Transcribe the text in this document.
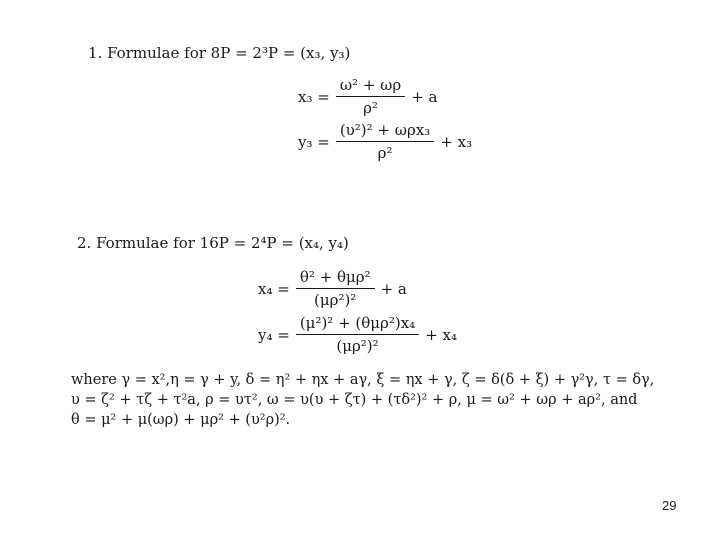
1. Formulae for 8P = 2³P = (x₃, y₃)
$x_3 = \frac{\text{ω² + ωρ}}{\text{ρ²}} + a$
$y_3 = \frac{\text{(υ²)² + ωρx₃}}{\text{ρ²}} + x_3$
2. Formulae for 16P = 2⁴P = (x₄, y₄)
$x_4 = \frac{\text{θ² + θμρ²}}{\text{(μρ²)²}} + a$
$y_4 = \frac{\text{(μ²)² + (θμρ²)x₄}}{\text{(μρ²)²}} + x_4$
where γ = x²,η = γ + y, δ = η² + ηx + aγ, ξ = ηx + γ, ζ = δ(δ + ξ) + γ²γ, τ = δγ,
υ = ζ² + τζ + τ²a, ρ = υτ², ω = υ(υ + ζτ) + (τδ²)² + ρ, μ = ω² + ωρ + aρ², and
θ = μ² + μ(ωρ) + μρ² + (υ²ρ)².
29
